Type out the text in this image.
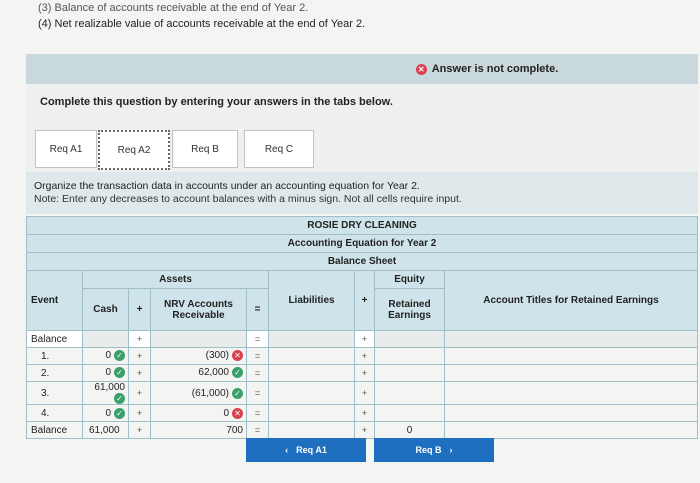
(3) Balance of accounts receivable at the end of Year 2.
(4) Net realizable value of accounts receivable at the end of Year 2.
✕ Answer is not complete.
Complete this question by entering your answers in the tabs below.
Req A1	Req A2	Req B	Req C
Organize the transaction data in accounts under an accounting equation for Year 2.
Note: Enter any decreases to account balances with a minus sign. Not all cells require input.
ROSIE DRY CLEANING								
Accounting Equation for Year 2								
Balance Sheet								
Event	Assets				Liabilities	+	Equity	Account Titles for Retained Earnings
	Cash	+	NRV Accounts Receivable	=			Retained Earnings	
Balance		+		=		+		
1.	0 ✓	+	(300) ✕	=		+		
2.	0 ✓	+	62,000 ✓	=		+		
3.	61,000✓	+	(61,000) ✓	=		+		
4.	0 ✓	+	0 ✕	=		+		
Balance	61,000	+	700	=		+	0	
‹ Req A1	Req B ›
